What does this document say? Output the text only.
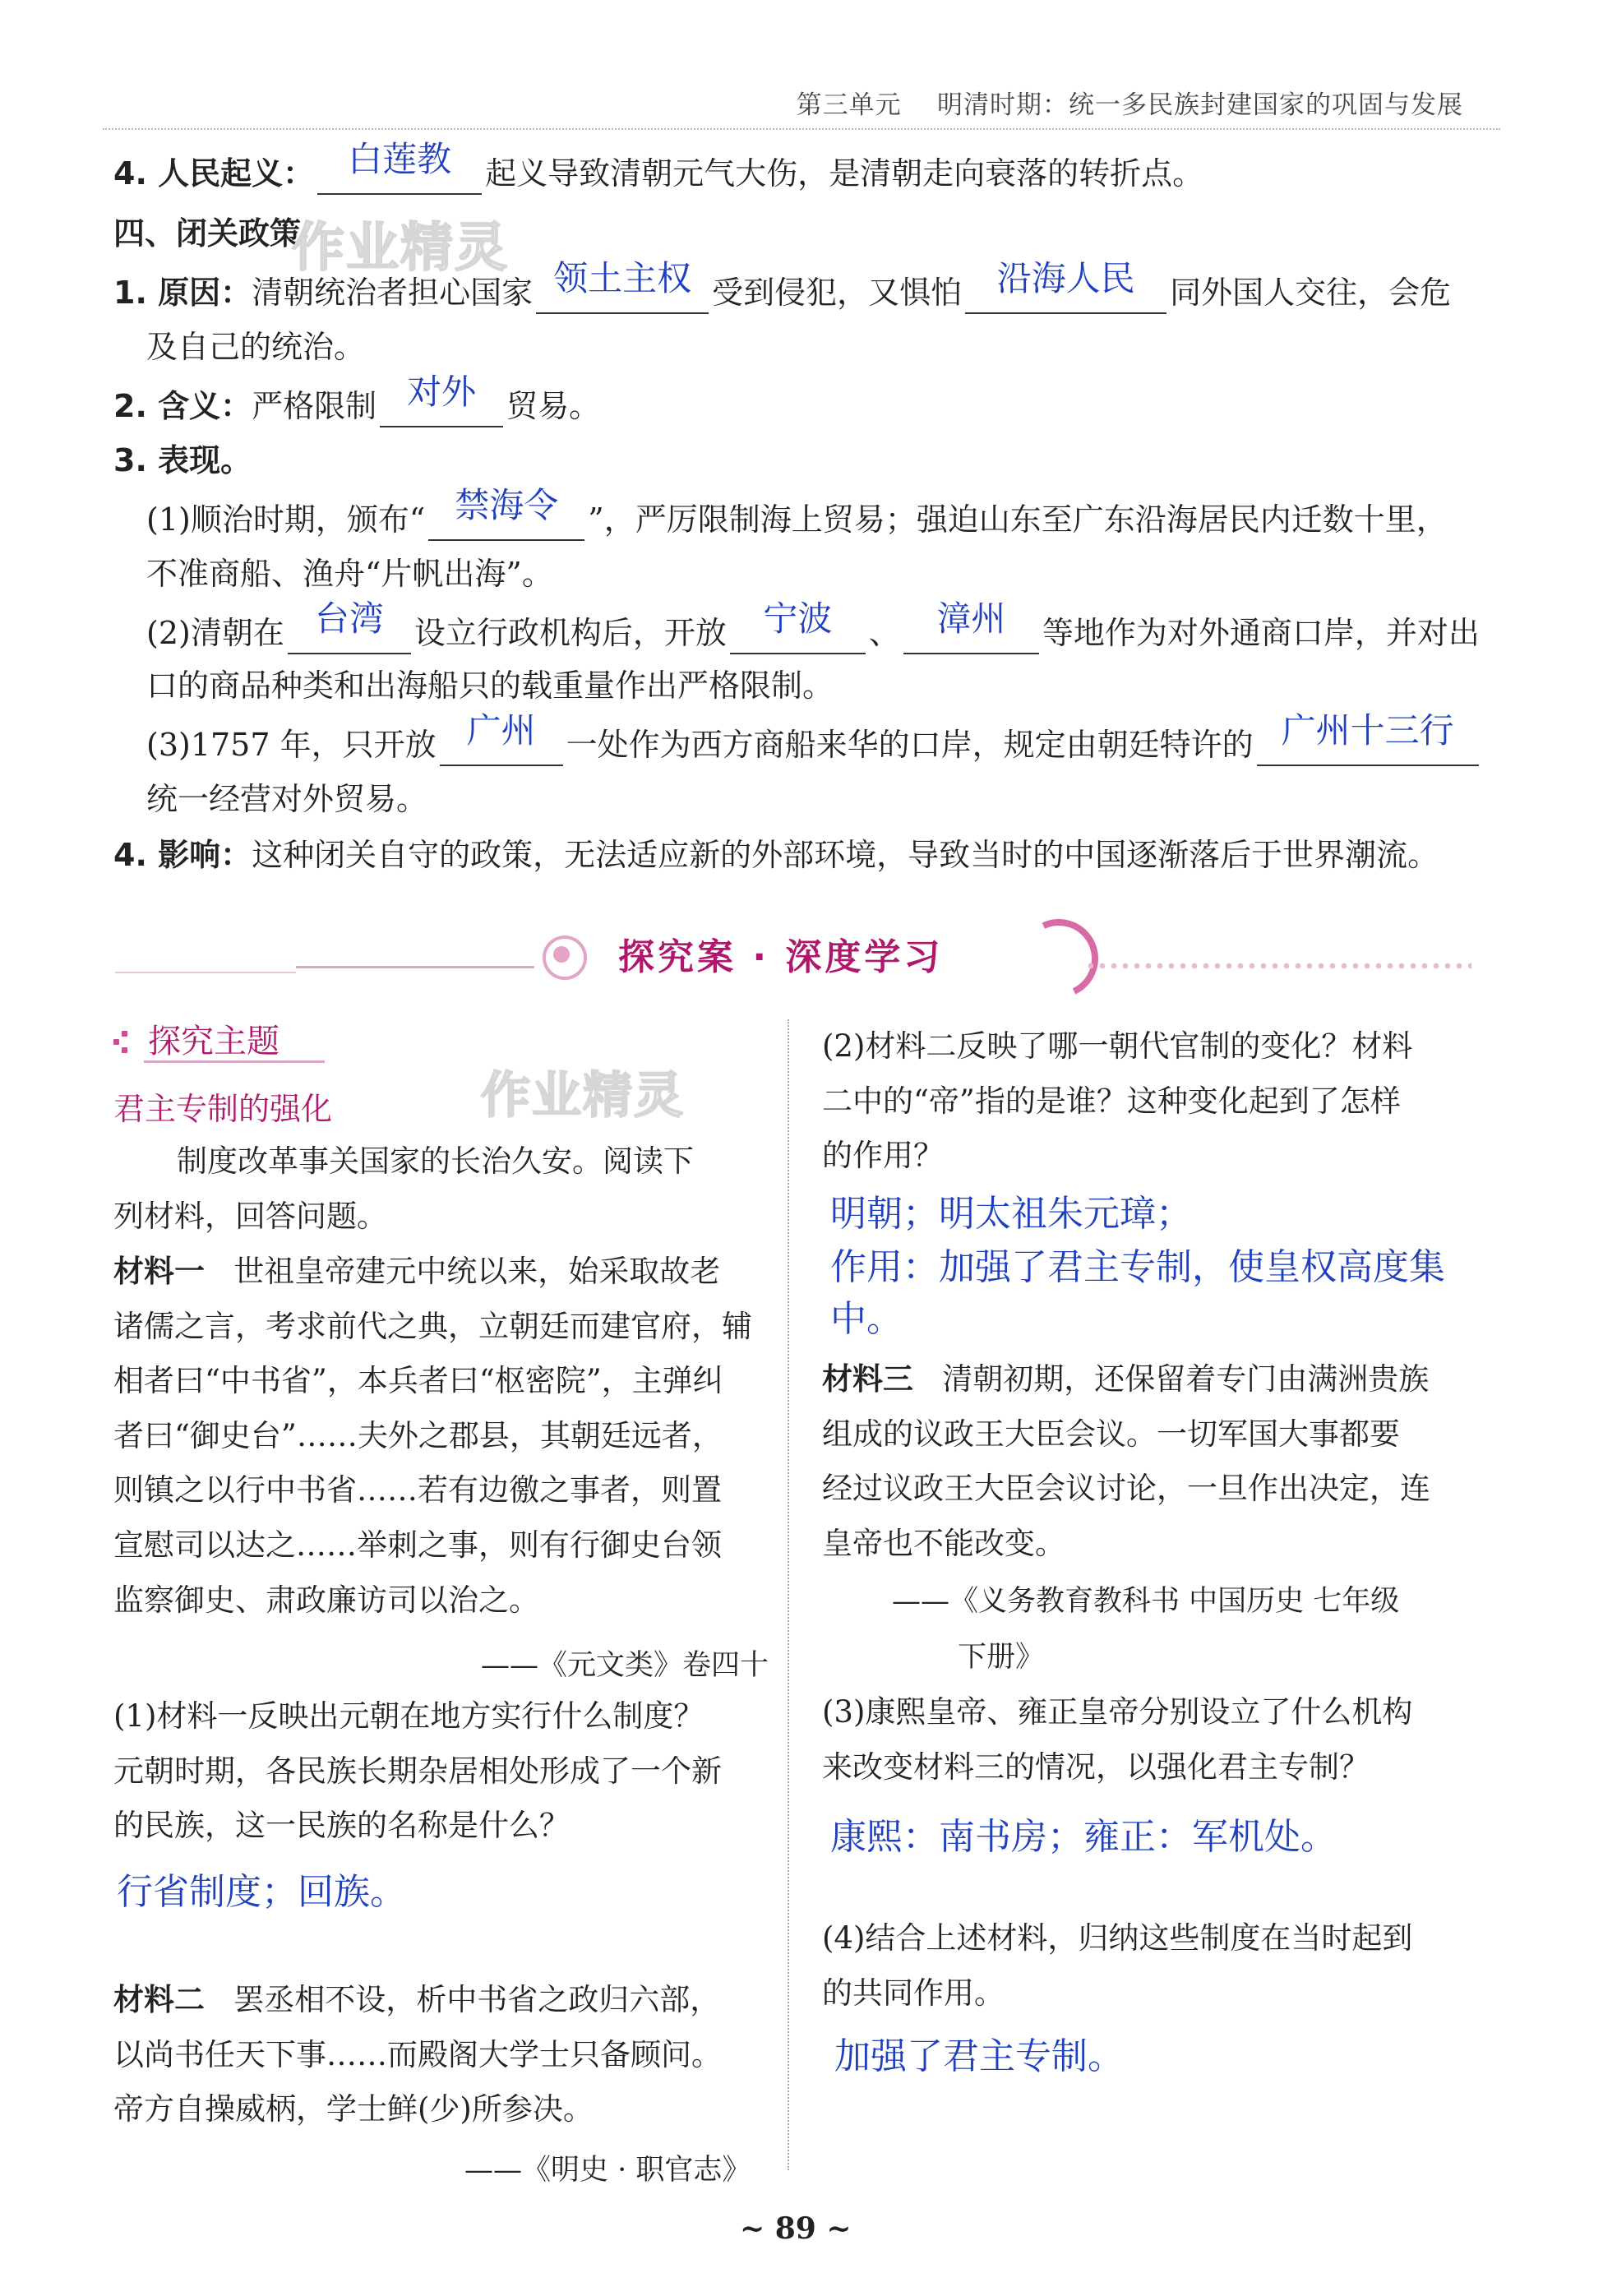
第三单元 明清时期：统一多民族封建国家的巩固与发展
4. 人民起义： 白莲教 起义导致清朝元气大伤，是清朝走向衰落的转折点。
四、闭关政策
作业精灵
1. 原因：清朝统治者担心国家 领土主权 受到侵犯，又惧怕 沿海人民 同外国人交往，会危
及自己的统治。
2. 含义：严格限制 对外 贸易。
3. 表现。
(1)顺治时期，颁布“ 禁海令 ”，严厉限制海上贸易；强迫山东至广东沿海居民内迁数十里，
不准商船、渔舟“片帆出海”。
(2)清朝在 台湾 设立行政机构后，开放 宁波 、 漳州 等地作为对外通商口岸，并对出
口的商品种类和出海船只的载重量作出严格限制。
(3)1757 年，只开放 广州 一处作为西方商船来华的口岸，规定由朝廷特许的 广州十三行
统一经营对外贸易。
4. 影响：这种闭关自守的政策，无法适应新的外部环境，导致当时的中国逐渐落后于世界潮流。
探究案 · 深度学习
探究主题
君主专制的强化	作业精灵
制度改革事关国家的长治久安。阅读下
列材料，回答问题。
材料一 世祖皇帝建元中统以来，始采取故老
诸儒之言，考求前代之典，立朝廷而建官府，辅
相者曰“中书省”，本兵者曰“枢密院”，主弹纠
者曰“御史台”……夫外之郡县，其朝廷远者，
则镇之以行中书省……若有边徼之事者，则置
宣慰司以达之……举刺之事，则有行御史台领
监察御史、肃政廉访司以治之。
——《元文类》卷四十
(1)材料一反映出元朝在地方实行什么制度？
元朝时期，各民族长期杂居相处形成了一个新
的民族，这一民族的名称是什么？
行省制度；回族。
材料二 罢丞相不设，析中书省之政归六部，
以尚书任天下事……而殿阁大学士只备顾问。
帝方自操威柄，学士鲜(少)所参决。
——《明史 · 职官志》
(2)材料二反映了哪一朝代官制的变化？材料
二中的“帝”指的是谁？这种变化起到了怎样
的作用？
明朝；明太祖朱元璋；
作用：加强了君主专制，使皇权高度集
中。
材料三 清朝初期，还保留着专门由满洲贵族
组成的议政王大臣会议。一切军国大事都要
经过议政王大臣会议讨论，一旦作出决定，连
皇帝也不能改变。
——《义务教育教科书 中国历史 七年级
下册》
(3)康熙皇帝、雍正皇帝分别设立了什么机构
来改变材料三的情况，以强化君主专制？
康熙：南书房；雍正：军机处。
(4)结合上述材料，归纳这些制度在当时起到
的共同作用。
加强了君主专制。
~ 89 ~
